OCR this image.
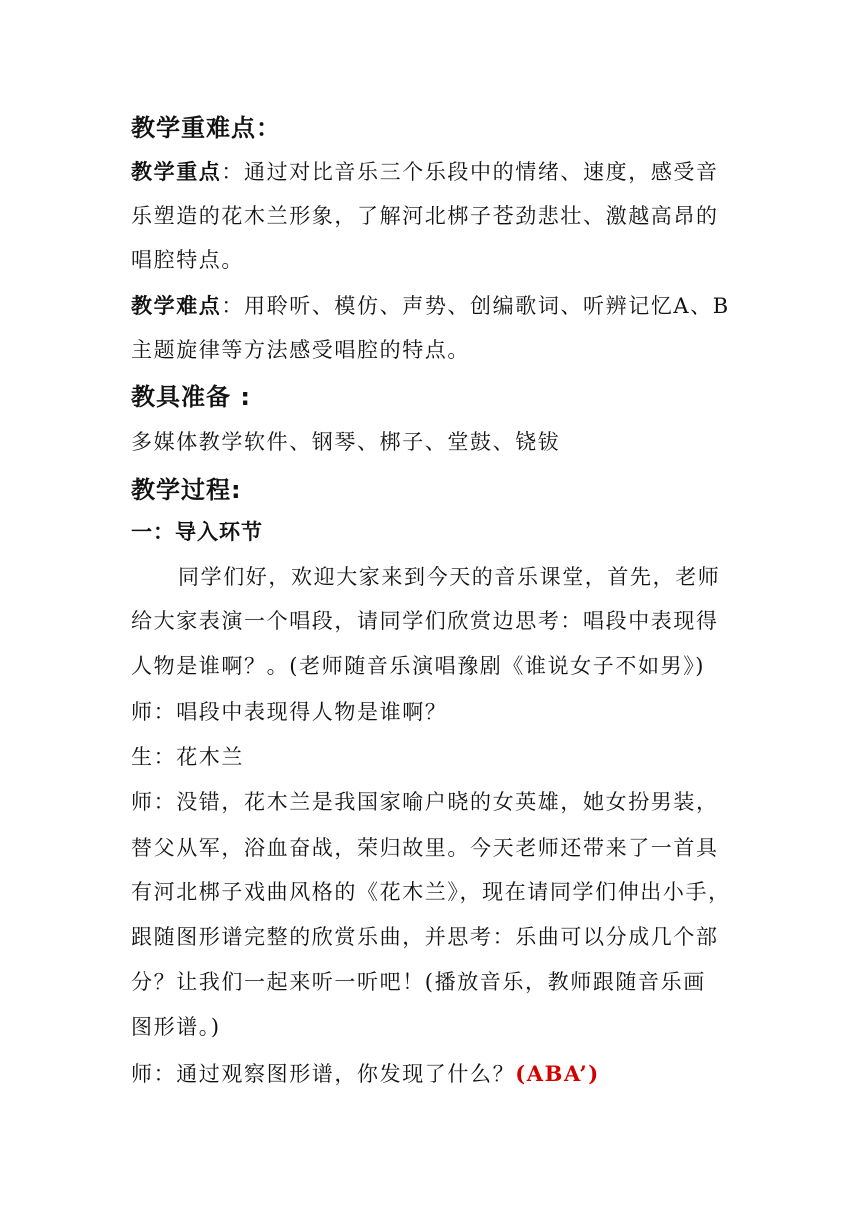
教学重难点：
教学重点：通过对比音乐三个乐段中的情绪、速度，感受音
乐塑造的花木兰形象，了解河北梆子苍劲悲壮、激越高昂的
唱腔特点。
教学难点：用聆听、模仿、声势、创编歌词、听辨记忆A、B
主题旋律等方法感受唱腔的特点。
教具准备 :
多媒体教学软件、钢琴、梆子、堂鼓、铙钹
教学过程:
一：导入环节
同学们好，欢迎大家来到今天的音乐课堂，首先，老师
给大家表演一个唱段，请同学们欣赏边思考：唱段中表现得
人物是谁啊？。(老师随音乐演唱豫剧《谁说女子不如男》)
师：唱段中表现得人物是谁啊？
生：花木兰
师：没错，花木兰是我国家喻户晓的女英雄，她女扮男装，
替父从军，浴血奋战，荣归故里。今天老师还带来了一首具
有河北梆子戏曲风格的《花木兰》，现在请同学们伸出小手，
跟随图形谱完整的欣赏乐曲，并思考：乐曲可以分成几个部
分？让我们一起来听一听吧！(播放音乐，教师跟随音乐画
图形谱。)
师：通过观察图形谱，你发现了什么？(ABA’)
